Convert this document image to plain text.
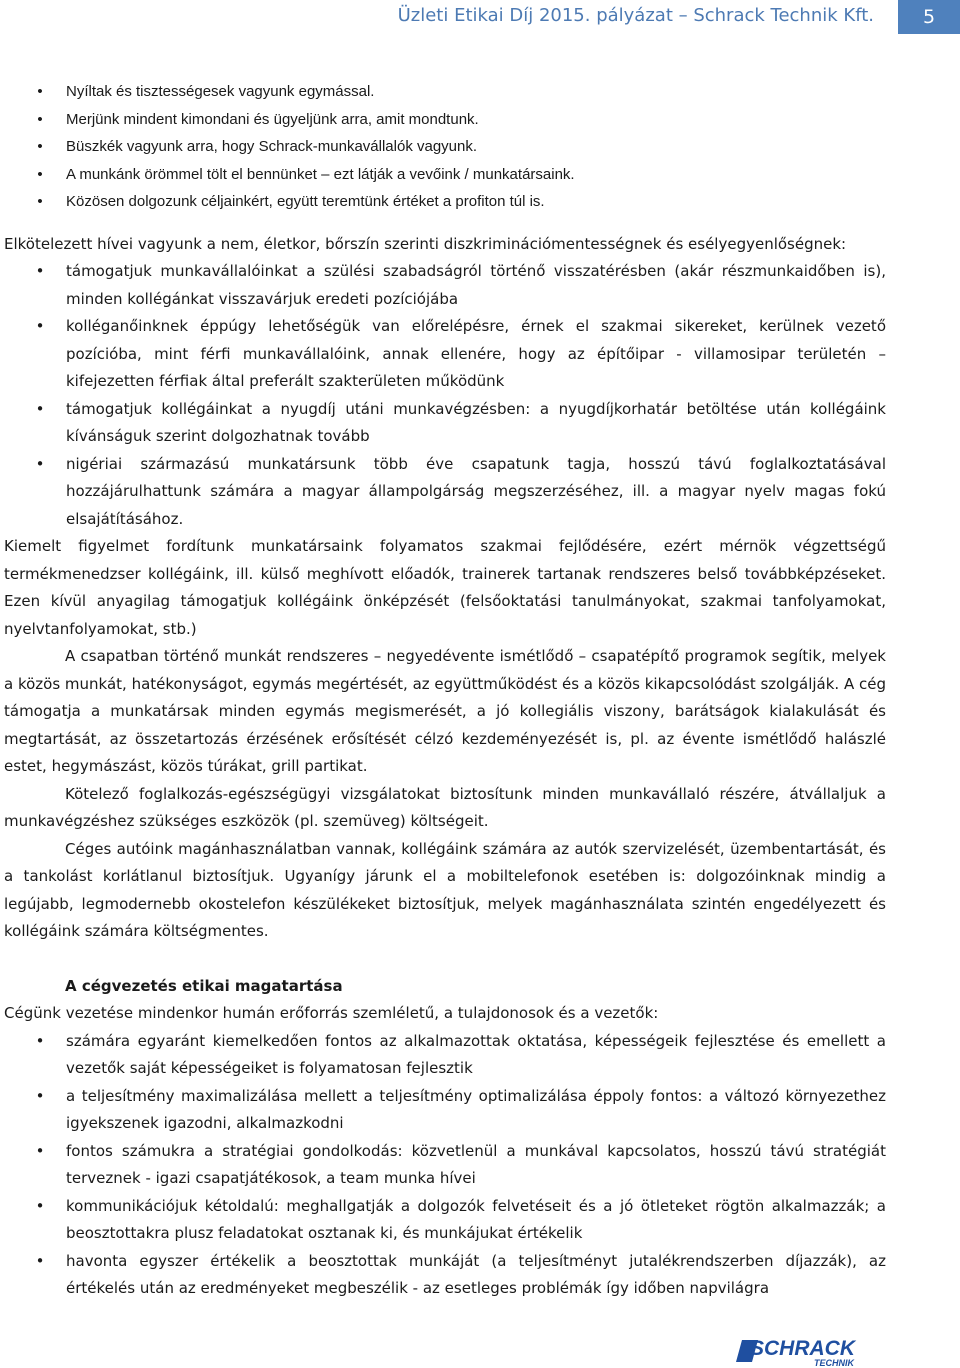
Üzleti Etikai Díj 2015. pályázat – Schrack Technik Kft.	5
• Nyíltak és tisztességesek vagyunk egymással.
• Merjünk mindent kimondani és ügyeljünk arra, amit mondtunk.
• Büszkék vagyunk arra, hogy Schrack-munkavállalók vagyunk.
• A munkánk örömmel tölt el bennünket – ezt látják a vevőink / munkatársaink.
• Közösen dolgozunk céljainkért, együtt teremtünk értéket a profiton túl is.

Elkötelezett hívei vagyunk a nem, életkor, bőrszín szerinti diszkriminációmentességnek és esélyegyenlőségnek:

• támogatjuk munkavállalóinkat a szülési szabadságról történő visszatérésben (akár részmunkaidőben is), minden kollégánkat visszavárjuk eredeti pozíciójába
• kolléganőinknek éppúgy lehetőségük van előrelépésre, érnek el szakmai sikereket, kerülnek vezető pozícióba, mint férfi munkavállalóink, annak ellenére, hogy az építőipar - villamosipar területén – kifejezetten férfiak által preferált szakterületen működünk
• támogatjuk kollégáinkat a nyugdíj utáni munkavégzésben: a nyugdíjkorhatár betöltése után kollégáink kívánságuk szerint dolgozhatnak tovább
• nigériai származású munkatársunk több éve csapatunk tagja, hosszú távú foglalkoztatásával hozzájárulhattunk számára a magyar állampolgárság megszerzéséhez, ill. a magyar nyelv magas fokú elsajátításához.

Kiemelt figyelmet fordítunk munkatársaink folyamatos szakmai fejlődésére, ezért mérnök végzettségű termékmenedzser kollégáink, ill. külső meghívott előadók, trainerek tartanak rendszeres belső továbbképzéseket. Ezen kívül anyagilag támogatjuk kollégáink önképzését (felsőoktatási tanulmányokat, szakmai tanfolyamokat, nyelvtanfolyamokat, stb.)

A csapatban történő munkát rendszeres – negyedévente ismétlődő – csapatépítő programok segítik, melyek a közös munkát, hatékonyságot, egymás megértését, az együttműködést és a közös kikapcsolódást szolgálják. A cég támogatja a munkatársak minden egymás megismerését, a jó kollegiális viszony, barátságok kialakulását és megtartását, az összetartozás érzésének erősítését célzó kezdeményezését is, pl. az évente ismétlődő halászlé estet, hegymászást, közös túrákat, grill partikat.

Kötelező foglalkozás-egészségügyi vizsgálatokat biztosítunk minden munkavállaló részére, átvállaljuk a munkavégzéshez szükséges eszközök (pl. szemüveg) költségeit.

Céges autóink magánhasználatban vannak, kollégáink számára az autók szervizelését, üzembentartását, és a tankolást korlátlanul biztosítjuk. Ugyanígy járunk el a mobiltelefonok esetében is: dolgozóinknak mindig a legújabb, legmodernebb okostelefon készülékeket biztosítjuk, melyek magánhasználata szintén engedélyezett és kollégáink számára költségmentes.

A cégvezetés etikai magatartása

Cégünk vezetése mindenkor humán erőforrás szemléletű, a tulajdonosok és a vezetők:

• számára egyaránt kiemelkedően fontos az alkalmazottak oktatása, képességeik fejlesztése és emellett a vezetők saját képességeiket is folyamatosan fejlesztik
• a teljesítmény maximalizálása mellett a teljesítmény optimalizálása éppoly fontos: a változó környezethez igyekszenek igazodni, alkalmazkodni
• fontos számukra a stratégiai gondolkodás: közvetlenül a munkával kapcsolatos, hosszú távú stratégiát terveznek - igazi csapatjátékosok, a team munka hívei
• kommunikációjuk kétoldalú: meghallgatják a dolgozók felvetéseit és a jó ötleteket rögtön alkalmazzák; a beosztottakra plusz feladatokat osztanak ki, és munkájukat értékelik
• havonta egyszer értékelik a beosztottak munkáját (a teljesítményt jutalékrendszerben díjazzák), az értékelés után az eredményeket megbeszélik - az esetleges problémák így időben napvilágra
SCHRACK
TECHNIK
